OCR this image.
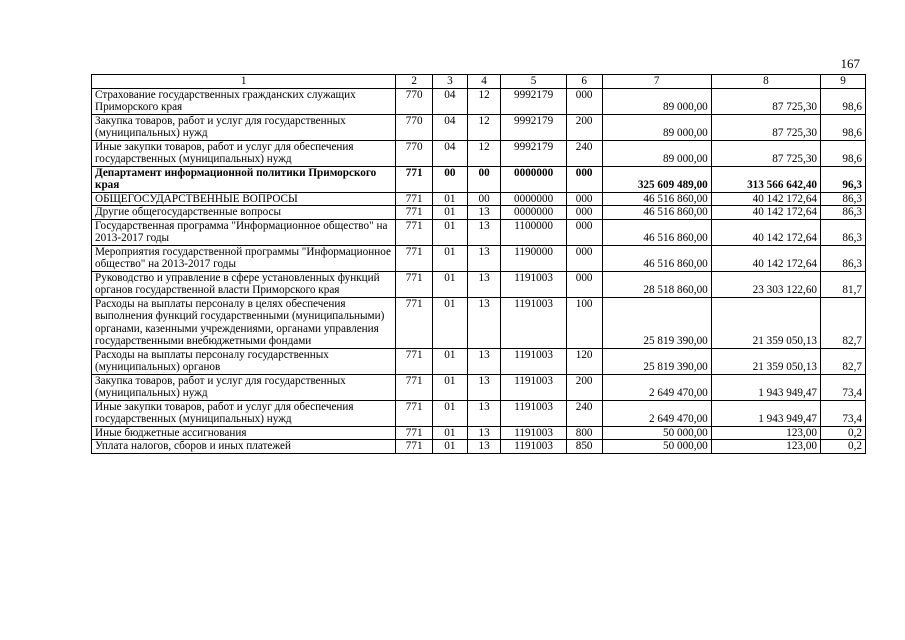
167
1	2	3	4	5	6	7	8	9
Страхование государственных гражданских служащих Приморского края	770	04	12	9992179	000	89 000,00	87 725,30	98,6
Закупка товаров, работ и услуг для государственных (муниципальных) нужд	770	04	12	9992179	200	89 000,00	87 725,30	98,6
Иные закупки товаров, работ и услуг для обеспечения государственных (муниципальных) нужд	770	04	12	9992179	240	89 000,00	87 725,30	98,6
Департамент информационной политики Приморского края	771	00	00	0000000	000	325 609 489,00	313 566 642,40	96,3
ОБЩЕГОСУДАРСТВЕННЫЕ ВОПРОСЫ	771	01	00	0000000	000	46 516 860,00	40 142 172,64	86,3
Другие общегосударственные вопросы	771	01	13	0000000	000	46 516 860,00	40 142 172,64	86,3
Государственная программа "Информационное общество" на 2013-2017 годы	771	01	13	1100000	000	46 516 860,00	40 142 172,64	86,3
Мероприятия государственной программы "Информационное общество" на 2013-2017 годы	771	01	13	1190000	000	46 516 860,00	40 142 172,64	86,3
Руководство и управление в сфере установленных функций органов государственной власти Приморского края	771	01	13	1191003	000	28 518 860,00	23 303 122,60	81,7
Расходы на выплаты персоналу в целях обеспечения выполнения функций государственными (муниципальными) органами, казенными учреждениями, органами управления государственными внебюджетными фондами	771	01	13	1191003	100	25 819 390,00	21 359 050,13	82,7
Расходы на выплаты персоналу государственных (муниципальных) органов	771	01	13	1191003	120	25 819 390,00	21 359 050,13	82,7
Закупка товаров, работ и услуг для государственных (муниципальных) нужд	771	01	13	1191003	200	2 649 470,00	1 943 949,47	73,4
Иные закупки товаров, работ и услуг для обеспечения государственных (муниципальных) нужд	771	01	13	1191003	240	2 649 470,00	1 943 949,47	73,4
Иные бюджетные ассигнования	771	01	13	1191003	800	50 000,00	123,00	0,2
Уплата налогов, сборов и иных платежей	771	01	13	1191003	850	50 000,00	123,00	0,2
